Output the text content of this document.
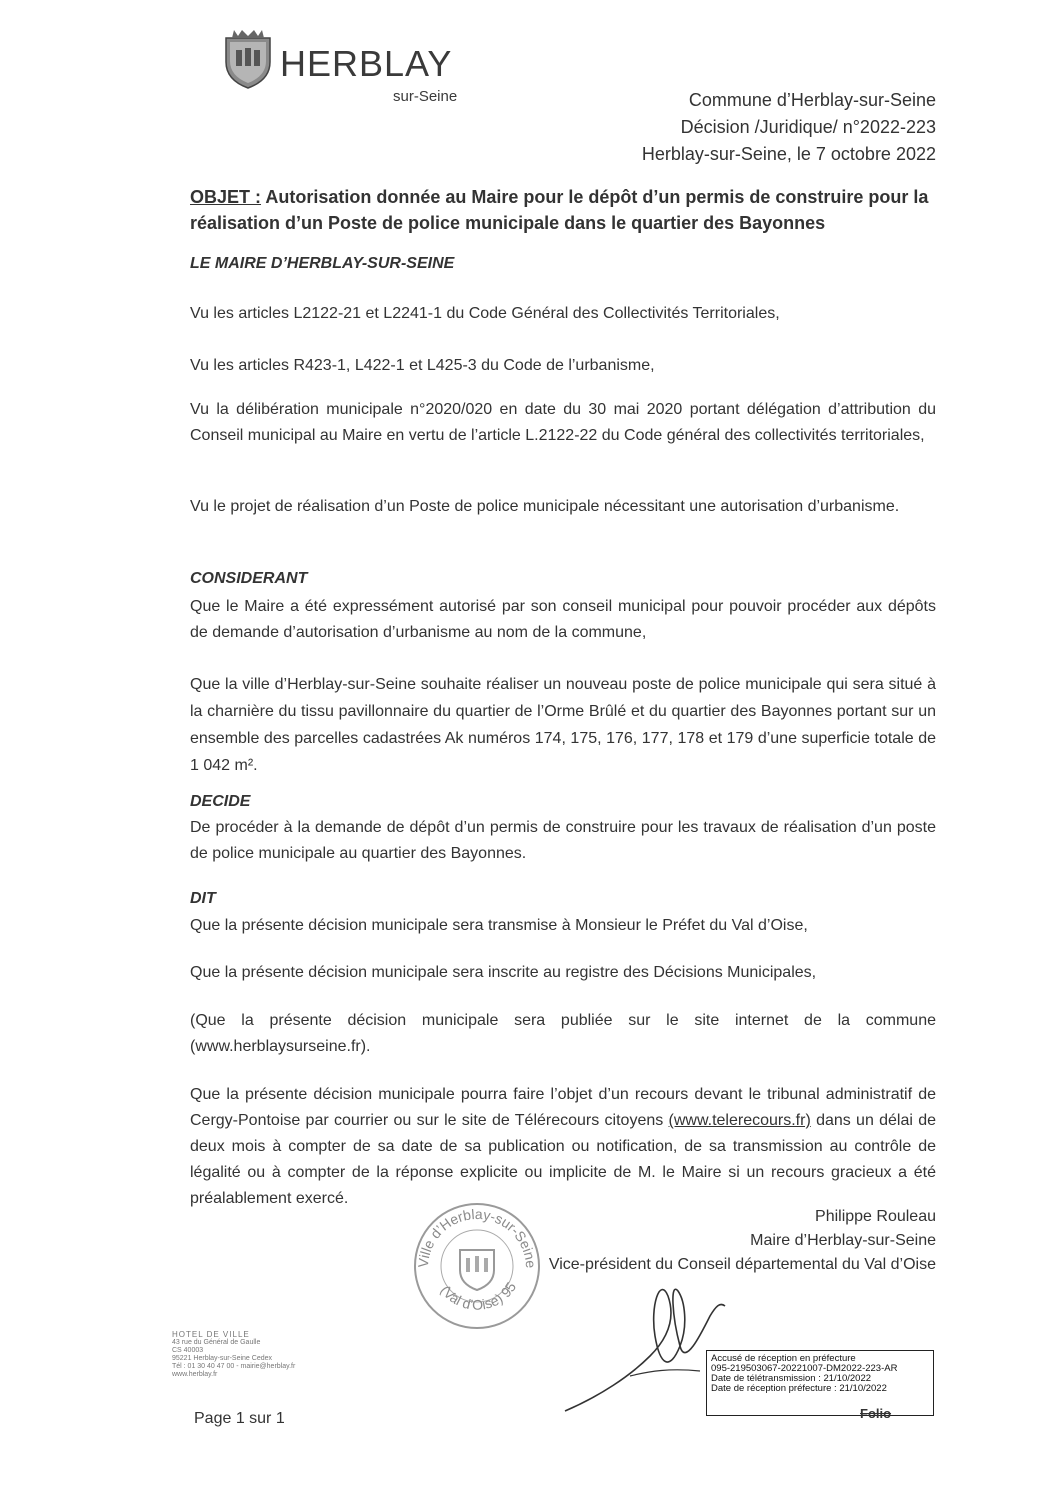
HERBLAY
sur-Seine	Commune d’Herblay-sur-Seine
Décision /Juridique/ n°2022-223
Herblay-sur-Seine, le 7 octobre 2022
OBJET : Autorisation donnée au Maire pour le dépôt d’un permis de construire pour la réalisation d’un Poste de police municipale dans le quartier des Bayonnes
LE MAIRE D’HERBLAY-SUR-SEINE
Vu les articles L2122-21 et L2241-1 du Code Général des Collectivités Territoriales,
Vu les articles R423-1, L422-1 et L425-3 du Code de l’urbanisme,
Vu la délibération municipale n°2020/020 en date du 30 mai 2020 portant délégation d’attribution du Conseil municipal au Maire en vertu de l’article L.2122-22 du Code général des collectivités territoriales,
Vu le projet de réalisation d’un Poste de police municipale nécessitant une autorisation d’urbanisme.
CONSIDERANT
Que le Maire a été expressément autorisé par son conseil municipal pour pouvoir procéder aux dépôts de demande d’autorisation d’urbanisme au nom de la commune,
Que la ville d’Herblay-sur-Seine souhaite réaliser un nouveau poste de police municipale qui sera situé à la charnière du tissu pavillonnaire du quartier de l’Orme Brûlé et du quartier des Bayonnes portant sur un ensemble des parcelles cadastrées Ak numéros 174, 175, 176, 177, 178 et 179 d’une superficie totale de 1 042 m².
DECIDE
De procéder à la demande de dépôt d’un permis de construire pour les travaux de réalisation d’un poste de police municipale au quartier des Bayonnes.
DIT
Que la présente décision municipale sera transmise à Monsieur le Préfet du Val d’Oise,
Que la présente décision municipale sera inscrite au registre des Décisions Municipales,
(Que la présente décision municipale sera publiée sur le site internet de la commune (www.herblaysurseine.fr).
Que la présente décision municipale pourra faire l’objet d’un recours devant le tribunal administratif de Cergy-Pontoise par courrier ou sur le site de Télérecours citoyens (www.telerecours.fr) dans un délai de deux mois à compter de sa date de sa publication ou notification, de sa transmission au contrôle de légalité ou à compter de la réponse explicite ou implicite de M. le Maire si un recours gracieux a été préalablement exercé.
Ville d’Herblay-sur-Seine
(Val d’Oise) 95
Philippe Rouleau
Maire d’Herblay-sur-Seine
Vice-président du Conseil départemental du Val d’Oise
HOTEL DE VILLE
43 rue du Général de Gaulle
CS 40003
95221 Herblay-sur-Seine Cedex
Tél : 01 30 40 47 00 - mairie@herblay.fr
www.herblay.fr
Page 1 sur 1
Accusé de réception en préfecture
095-219503067-20221007-DM2022-223-AR
Date de télétransmission : 21/10/2022
Date de réception préfecture : 21/10/2022
Folio
